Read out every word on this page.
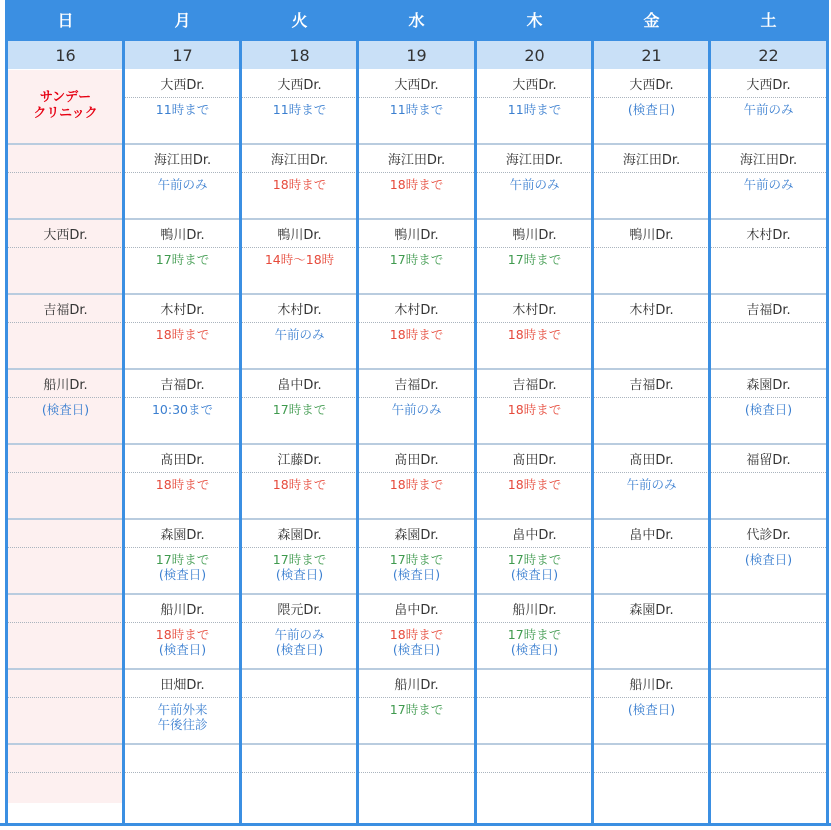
日
16
サンデー
クリニック
大西Dr.
吉福Dr.
船川Dr.
(検査日)
月
17
大西Dr.
11時まで
海江田Dr.
午前のみ
鴨川Dr.
17時まで
木村Dr.
18時まで
吉福Dr.
10:30まで
髙田Dr.
18時まで
森園Dr.
17時まで
(検査日)
船川Dr.
18時まで
(検査日)
田畑Dr.
午前外来
午後往診
火
18
大西Dr.
11時まで
海江田Dr.
18時まで
鴨川Dr.
14時〜18時
木村Dr.
午前のみ
畠中Dr.
17時まで
江藤Dr.
18時まで
森園Dr.
17時まで
(検査日)
隈元Dr.
午前のみ
(検査日)
水
19
大西Dr.
11時まで
海江田Dr.
18時まで
鴨川Dr.
17時まで
木村Dr.
18時まで
吉福Dr.
午前のみ
髙田Dr.
18時まで
森園Dr.
17時まで
(検査日)
畠中Dr.
18時まで
(検査日)
船川Dr.
17時まで
木
20
大西Dr.
11時まで
海江田Dr.
午前のみ
鴨川Dr.
17時まで
木村Dr.
18時まで
吉福Dr.
18時まで
髙田Dr.
18時まで
畠中Dr.
17時まで
(検査日)
船川Dr.
17時まで
(検査日)
金
21
大西Dr.
(検査日)
海江田Dr.
鴨川Dr.
木村Dr.
吉福Dr.
髙田Dr.
午前のみ
畠中Dr.
森園Dr.
船川Dr.
(検査日)
土
22
大西Dr.
午前のみ
海江田Dr.
午前のみ
木村Dr.
吉福Dr.
森園Dr.
(検査日)
福留Dr.
代診Dr.
(検査日)
